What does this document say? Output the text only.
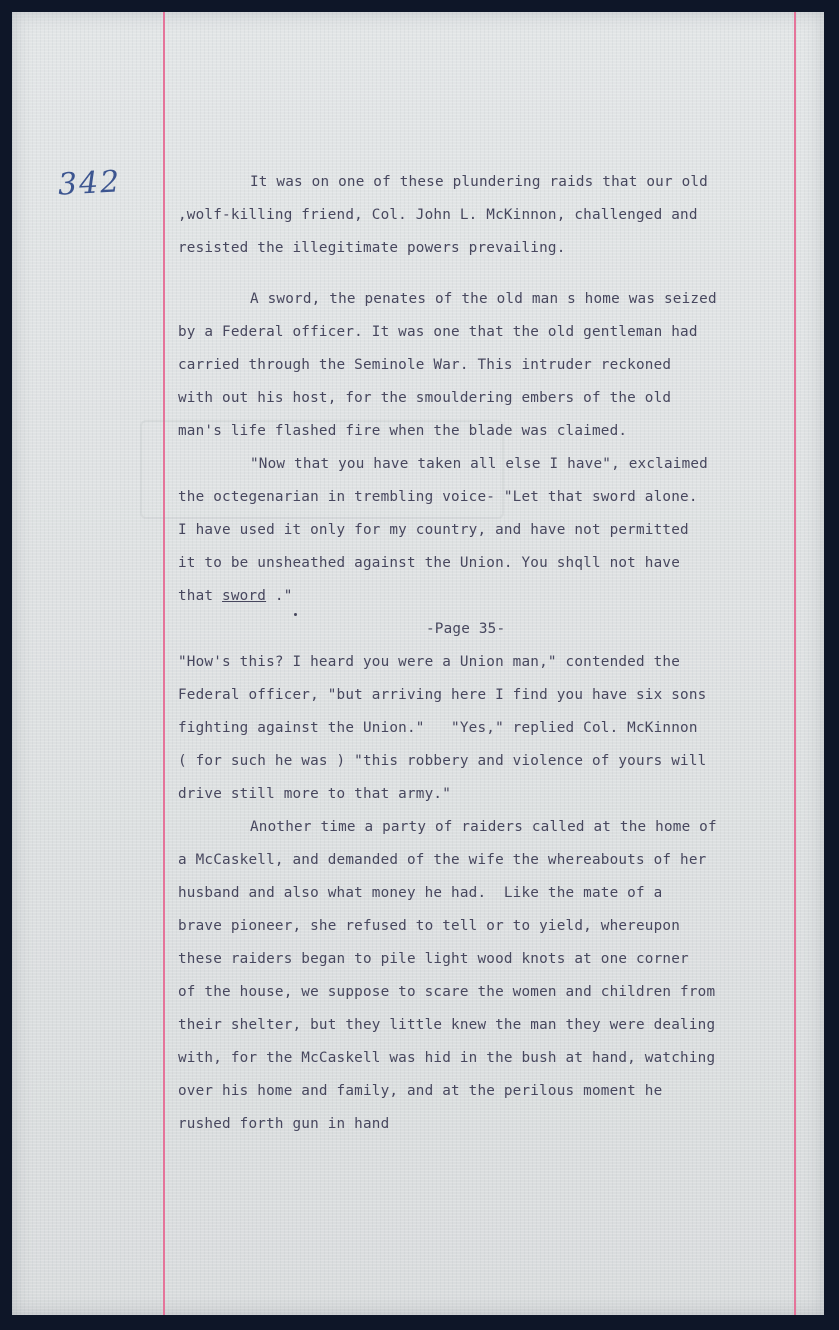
342

	It was on one of these plundering raids that our old

,wolf-killing friend, Col. John L. McKinnon, challenged and

resisted the illegitimate powers prevailing.

A sword, the penates of the old man s home was seized

by a Federal officer. It was one that the old gentleman had

carried through the Seminole War. This intruder reckoned

with out his host, for the smouldering embers of the old

man's life flashed fire when the blade was claimed.

"Now that you have taken all else I have", exclaimed

the octegenarian in trembling voice- "Let that sword alone.

I have used it only for my country, and have not permitted

it to be unsheathed against the Union. You shqll not have

that sword ."

-Page 35-

"How's this? I heard you were a Union man," contended the

Federal officer, "but arriving here I find you have six sons

fighting against the Union."   "Yes," replied Col. McKinnon

( for such he was ) "this robbery and violence of yours will

drive still more to that army."

Another time a party of raiders called at the home of

a McCaskell, and demanded of the wife the whereabouts of her

husband and also what money he had.  Like the mate of a

brave pioneer, she refused to tell or to yield, whereupon

these raiders began to pile light wood knots at one corner

of the house, we suppose to scare the women and children from

their shelter, but they little knew the man they were dealing

with, for the McCaskell was hid in the bush at hand, watching

over his home and family, and at the perilous moment he

rushed forth gun in hand
